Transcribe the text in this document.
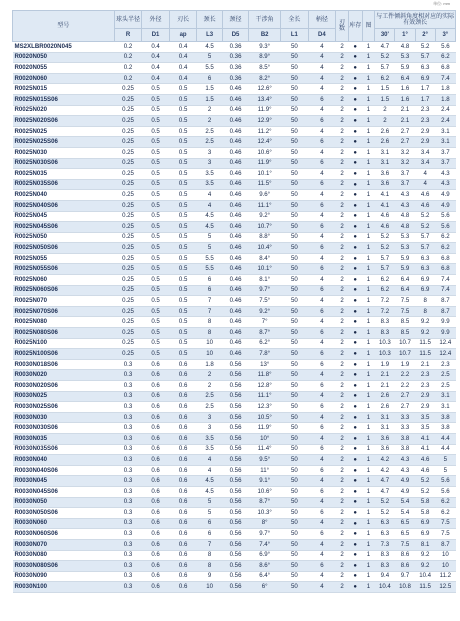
单位: mm
型号	球头半径	外径	刃长	颈长	颈径	干涉角	全长	柄径	刃数	库存	图	与工件倾斜角度相对应的实际有效颈长			
												30'	1°	2°	3°
	R	D1	ap	L3	D5	B2	L1	D4							
MS2XLBR0020N045	0.2	0.4	0.4	4.5	0.36	9.3°	50	4	2	●	1	4.7	4.8	5.2	5.6
R0020N050	0.2	0.4	0.4	5	0.36	8.9°	50	4	2	●	1	5.2	5.3	5.7	6.2
R0020N055	0.2	0.4	0.4	5.5	0.36	8.5°	50	4	2	●	1	5.7	5.9	6.3	6.8
R0020N060	0.2	0.4	0.4	6	0.36	8.2°	50	4	2	●	1	6.2	6.4	6.9	7.4
R0025N015	0.25	0.5	0.5	1.5	0.46	12.6°	50	4	2	●	1	1.5	1.6	1.7	1.8
R0025N015S06	0.25	0.5	0.5	1.5	0.46	13.4°	50	6	2	●	1	1.5	1.6	1.7	1.8
R0025N020	0.25	0.5	0.5	2	0.46	11.9°	50	4	2	●	1	2	2.1	2.3	2.4
R0025N020S06	0.25	0.5	0.5	2	0.46	12.9°	50	6	2	●	1	2	2.1	2.3	2.4
R0025N025	0.25	0.5	0.5	2.5	0.46	11.2°	50	4	2	●	1	2.6	2.7	2.9	3.1
R0025N025S06	0.25	0.5	0.5	2.5	0.46	12.4°	50	6	2	●	1	2.6	2.7	2.9	3.1
R0025N030	0.25	0.5	0.5	3	0.46	10.6°	50	4	2	●	1	3.1	3.2	3.4	3.7
R0025N030S06	0.25	0.5	0.5	3	0.46	11.9°	50	6	2	●	1	3.1	3.2	3.4	3.7
R0025N035	0.25	0.5	0.5	3.5	0.46	10.1°	50	4	2	●	1	3.6	3.7	4	4.3
R0025N035S06	0.25	0.5	0.5	3.5	0.46	11.5°	50	6	2	●	1	3.6	3.7	4	4.3
R0025N040	0.25	0.5	0.5	4	0.46	9.6°	50	4	2	●	1	4.1	4.3	4.6	4.9
R0025N040S06	0.25	0.5	0.5	4	0.46	11.1°	50	6	2	●	1	4.1	4.3	4.6	4.9
R0025N045	0.25	0.5	0.5	4.5	0.46	9.2°	50	4	2	●	1	4.6	4.8	5.2	5.6
R0025N045S06	0.25	0.5	0.5	4.5	0.46	10.7°	50	6	2	●	1	4.6	4.8	5.2	5.6
R0025N050	0.25	0.5	0.5	5	0.46	8.8°	50	4	2	●	1	5.2	5.3	5.7	6.2
R0025N050S06	0.25	0.5	0.5	5	0.46	10.4°	50	6	2	●	1	5.2	5.3	5.7	6.2
R0025N055	0.25	0.5	0.5	5.5	0.46	8.4°	50	4	2	●	1	5.7	5.9	6.3	6.8
R0025N055S06	0.25	0.5	0.5	5.5	0.46	10.1°	50	6	2	●	1	5.7	5.9	6.3	6.8
R0025N060	0.25	0.5	0.5	6	0.46	8.1°	50	4	2	●	1	6.2	6.4	6.9	7.4
R0025N060S06	0.25	0.5	0.5	6	0.46	9.7°	50	6	2	●	1	6.2	6.4	6.9	7.4
R0025N070	0.25	0.5	0.5	7	0.46	7.5°	50	4	2	●	1	7.2	7.5	8	8.7
R0025N070S06	0.25	0.5	0.5	7	0.46	9.2°	50	6	2	●	1	7.2	7.5	8	8.7
R0025N080	0.25	0.5	0.5	8	0.46	7°	50	4	2	●	1	8.3	8.5	9.2	9.9
R0025N080S06	0.25	0.5	0.5	8	0.46	8.7°	50	6	2	●	1	8.3	8.5	9.2	9.9
R0025N100	0.25	0.5	0.5	10	0.46	6.2°	50	4	2	●	1	10.3	10.7	11.5	12.4
R0025N100S06	0.25	0.5	0.5	10	0.46	7.8°	50	6	2	●	1	10.3	10.7	11.5	12.4
R0030N018S06	0.3	0.6	0.6	1.8	0.56	13°	50	6	2	●	1	1.9	1.9	2.1	2.3
R0030N020	0.3	0.6	0.6	2	0.56	11.8°	50	4	2	●	1	2.1	2.2	2.3	2.5
R0030N020S06	0.3	0.6	0.6	2	0.56	12.8°	50	6	2	●	1	2.1	2.2	2.3	2.5
R0030N025	0.3	0.6	0.6	2.5	0.56	11.1°	50	4	2	●	1	2.6	2.7	2.9	3.1
R0030N025S06	0.3	0.6	0.6	2.5	0.56	12.3°	50	6	2	●	1	2.6	2.7	2.9	3.1
R0030N030	0.3	0.6	0.6	3	0.56	10.5°	50	4	2	●	1	3.1	3.3	3.5	3.8
R0030N030S06	0.3	0.6	0.6	3	0.56	11.9°	50	6	2	●	1	3.1	3.3	3.5	3.8
R0030N035	0.3	0.6	0.6	3.5	0.56	10°	50	4	2	●	1	3.6	3.8	4.1	4.4
R0030N035S06	0.3	0.6	0.6	3.5	0.56	11.4°	50	6	2	●	1	3.6	3.8	4.1	4.4
R0030N040	0.3	0.6	0.6	4	0.56	9.5°	50	4	2	●	1	4.2	4.3	4.6	5
R0030N040S06	0.3	0.6	0.6	4	0.56	11°	50	6	2	●	1	4.2	4.3	4.6	5
R0030N045	0.3	0.6	0.6	4.5	0.56	9.1°	50	4	2	●	1	4.7	4.9	5.2	5.6
R0030N045S06	0.3	0.6	0.6	4.5	0.56	10.6°	50	6	2	●	1	4.7	4.9	5.2	5.6
R0030N050	0.3	0.6	0.6	5	0.56	8.7°	50	4	2	●	1	5.2	5.4	5.8	6.2
R0030N050S06	0.3	0.6	0.6	5	0.56	10.3°	50	6	2	●	1	5.2	5.4	5.8	6.2
R0030N060	0.3	0.6	0.6	6	0.56	8°	50	4	2	●	1	6.3	6.5	6.9	7.5
R0030N060S06	0.3	0.6	0.6	6	0.56	9.7°	50	6	2	●	1	6.3	6.5	6.9	7.5
R0030N070	0.3	0.6	0.6	7	0.56	7.4°	50	4	2	●	1	7.3	7.5	8.1	8.7
R0030N080	0.3	0.6	0.6	8	0.56	6.9°	50	4	2	●	1	8.3	8.6	9.2	10
R0030N080S06	0.3	0.6	0.6	8	0.56	8.6°	50	6	2	●	1	8.3	8.6	9.2	10
R0030N090	0.3	0.6	0.6	9	0.56	6.4°	50	4	2	●	1	9.4	9.7	10.4	11.2
R0030N100	0.3	0.6	0.6	10	0.56	6°	50	4	2	●	1	10.4	10.8	11.5	12.5
